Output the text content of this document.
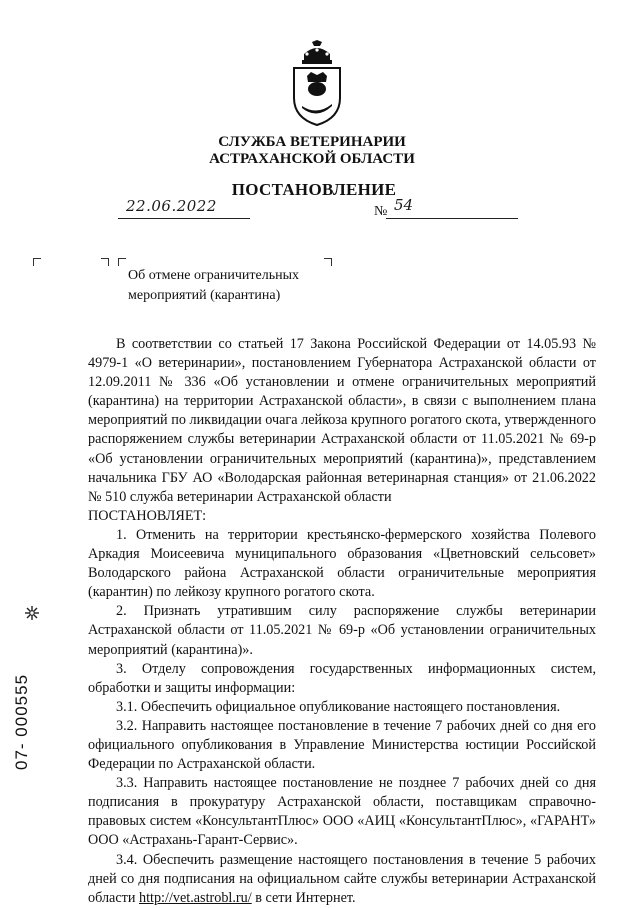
СЛУЖБА ВЕТЕРИНАРИИ
АСТРАХАНСКОЙ ОБЛАСТИ
ПОСТАНОВЛЕНИЕ
22.06.2022	№ 54
Об отмене ограничительных
мероприятий (карантина)

В соответствии со статьей 17 Закона Российской Федерации от 14.05.93 № 4979-1 «О ветеринарии», постановлением Губернатора Астраханской области от 12.09.2011 № 336 «Об установлении и отмене ограничительных мероприятий (карантина) на территории Астраханской области», в связи с выполнением плана мероприятий по ликвидации очага лейкоза крупного рогатого скота, утвержденного распоряжением службы ветеринарии Астраханской области от 11.05.2021 № 69-р «Об установлении ограничительных мероприятий (карантина)», представлением начальника ГБУ АО «Володарская районная ветеринарная станция» от 21.06.2022 № 510 служба ветеринарии Астраханской области

ПОСТАНОВЛЯЕТ:

1. Отменить на территории крестьянско-фермерского хозяйства Полевого Аркадия Моисеевича муниципального образования «Цветновский сельсовет» Володарского района Астраханской области ограничительные мероприятия (карантин) по лейкозу крупного рогатого скота.

2. Признать утратившим силу распоряжение службы ветеринарии Астраханской области от 11.05.2021 № 69-р «Об установлении ограничительных мероприятий (карантина)».

3. Отделу сопровождения государственных информационных систем, обработки и защиты информации:

3.1. Обеспечить официальное опубликование настоящего постановления.

3.2. Направить настоящее постановление в течение 7 рабочих дней со дня его официального опубликования в Управление Министерства юстиции Российской Федерации по Астраханской области.

3.3. Направить настоящее постановление не позднее 7 рабочих дней со дня подписания в прокуратуру Астраханской области, поставщикам справочно-правовых систем «КонсультантПлюс» ООО «АИЦ «КонсультантПлюс», «ГАРАНТ» ООО «Астрахань-Гарант-Сервис».

3.4. Обеспечить размещение настоящего постановления в течение 5 рабочих дней со дня подписания на официальном сайте службы ветеринарии Астраханской области http://vet.astrobl.ru/ в сети Интернет.

07- 000555
